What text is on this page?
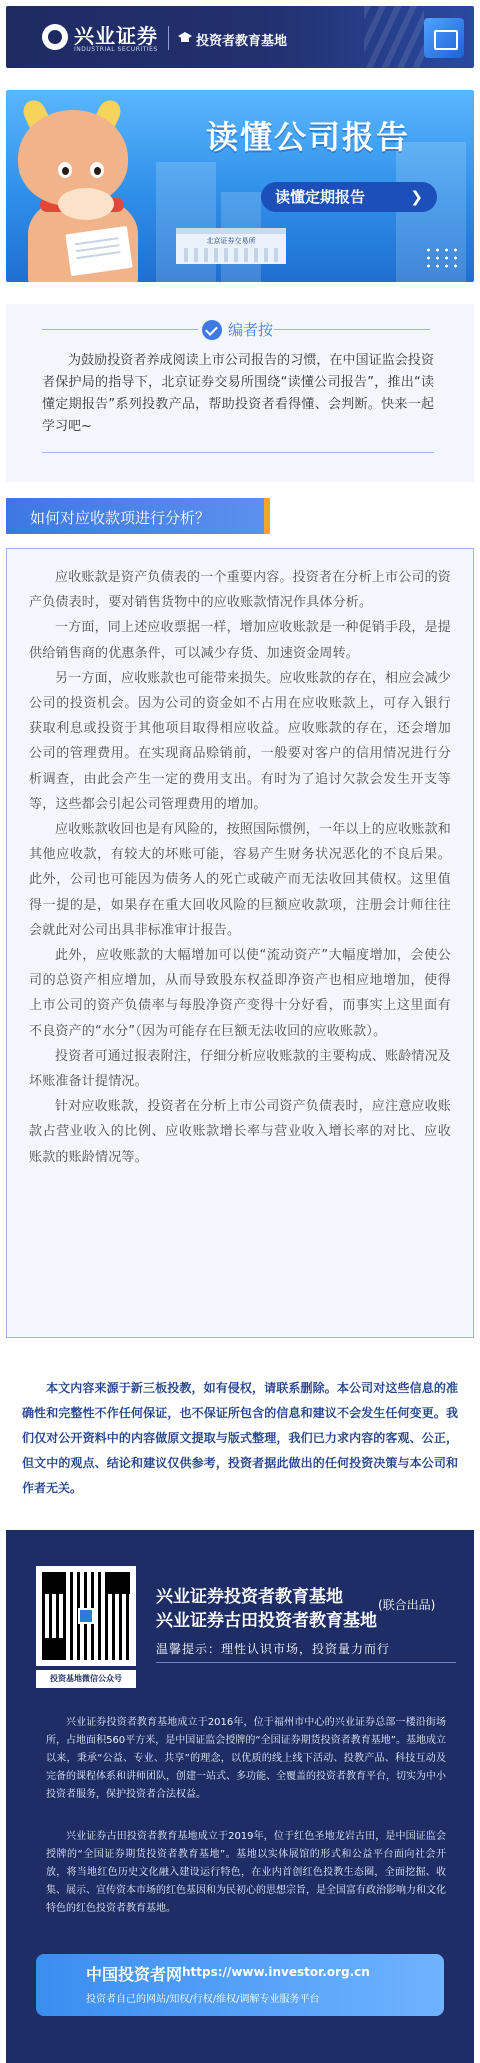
兴业证券
INDUSTRIAL SECURITIES
投资者教育基地
北京证券交易所
读懂公司报告
读懂定期报告	❯
编者按
为鼓励投资者养成阅读上市公司报告的习惯，在中国证监会投资者保护局的指导下，北京证券交易所围绕“读懂公司报告”，推出“读懂定期报告”系列投教产品，帮助投资者看得懂、会判断。快来一起学习吧~
如何对应收款项进行分析？

应收账款是资产负债表的一个重要内容。投资者在分析上市公司的资产负债表时，要对销售货物中的应收账款情况作具体分析。

一方面，同上述应收票据一样，增加应收账款是一种促销手段，是提供给销售商的优惠条件，可以减少存货、加速资金周转。

另一方面，应收账款也可能带来损失。应收账款的存在，相应会减少公司的投资机会。因为公司的资金如不占用在应收账款上，可存入银行获取利息或投资于其他项目取得相应收益。应收账款的存在，还会增加公司的管理费用。在实现商品赊销前，一般要对客户的信用情况进行分析调查，由此会产生一定的费用支出。有时为了追讨欠款会发生开支等等，这些都会引起公司管理费用的增加。

应收账款收回也是有风险的，按照国际惯例，一年以上的应收账款和其他应收款，有较大的坏账可能，容易产生财务状况恶化的不良后果。此外，公司也可能因为债务人的死亡或破产而无法收回其债权。这里值得一提的是，如果存在重大回收风险的巨额应收款项，注册会计师往往会就此对公司出具非标准审计报告。

此外，应收账款的大幅增加可以使“流动资产”大幅度增加，会使公司的总资产相应增加，从而导致股东权益即净资产也相应地增加，使得上市公司的资产负债率与每股净资产变得十分好看，而事实上这里面有不良资产的“水分”（因为可能存在巨额无法收回的应收账款）。

投资者可通过报表附注，仔细分析应收账款的主要构成、账龄情况及坏账准备计提情况。

针对应收账款，投资者在分析上市公司资产负债表时，应注意应收账款占营业收入的比例、应收账款增长率与营业收入增长率的对比、应收账款的账龄情况等。

本文内容来源于新三板投教，如有侵权，请联系删除。本公司对这些信息的准确性和完整性不作任何保证，也不保证所包含的信息和建议不会发生任何变更。我们仅对公开资料中的内容做原文提取与版式整理，我们已力求内容的客观、公正，但文中的观点、结论和建议仅供参考，投资者据此做出的任何投资决策与本公司和作者无关。
投资基地微信公众号
兴业证券投资者教育基地
兴业证券古田投资者教育基地
(联合出品)
温馨提示：理性认识市场，投资量力而行
兴业证券投资者教育基地成立于2016年，位于福州市中心的兴业证券总部一楼沿街场所，占地面积560平方米，是中国证监会授牌的“全国证券期货投资者教育基地”。基地成立以来，秉承“公益、专业、共享”的理念，以优质的线上线下活动、投教产品、科技互动及完备的课程体系和讲师团队，创建一站式、多功能、全覆盖的投资者教育平台，切实为中小投资者服务，保护投资者合法权益。
兴业证券古田投资者教育基地成立于2019年，位于红色圣地龙岩古田，是中国证监会授牌的“全国证券期货投资者教育基地”。基地以实体展馆的形式和公益平台面向社会开放，将当地红色历史文化融入建设运行特色，在业内首创红色投教生态圈，全面挖掘、收集、展示、宣传资本市场的红色基因和为民初心的思想宗旨，是全国富有政治影响力和文化特色的红色投资者教育基地。
中国投资者网 https://www.investor.org.cn
投资者自己的网站/知权/行权/维权/调解专业服务平台
